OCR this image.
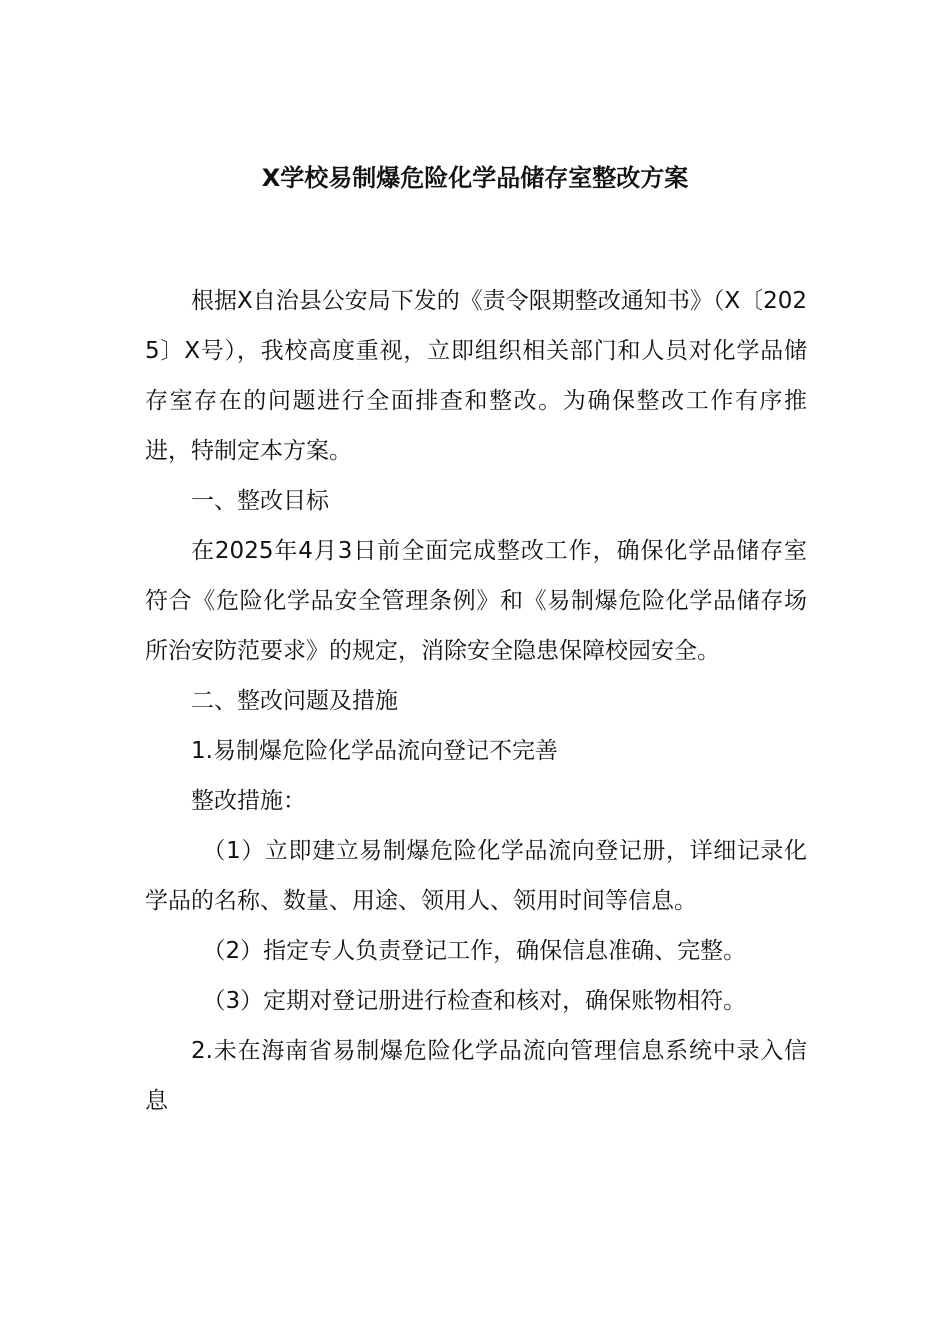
X学校易制爆危险化学品储存室整改方案

根据X自治县公安局下发的《责令限期整改通知书》（X〔2025〕X号），我校高度重视，立即组织相关部门和人员对化学品储存室存在的问题进行全面排查和整改。为确保整改工作有序推进，特制定本方案。

一、整改目标

在2025年4月3日前全面完成整改工作，确保化学品储存室符合《危险化学品安全管理条例》和《易制爆危险化学品储存场所治安防范要求》的规定，消除安全隐患保障校园安全。

二、整改问题及措施

1.易制爆危险化学品流向登记不完善

整改措施：

（1）立即建立易制爆危险化学品流向登记册，详细记录化学品的名称、数量、用途、领用人、领用时间等信息。

（2）指定专人负责登记工作，确保信息准确、完整。

（3）定期对登记册进行检查和核对，确保账物相符。

2.未在海南省易制爆危险化学品流向管理信息系统中录入信息
